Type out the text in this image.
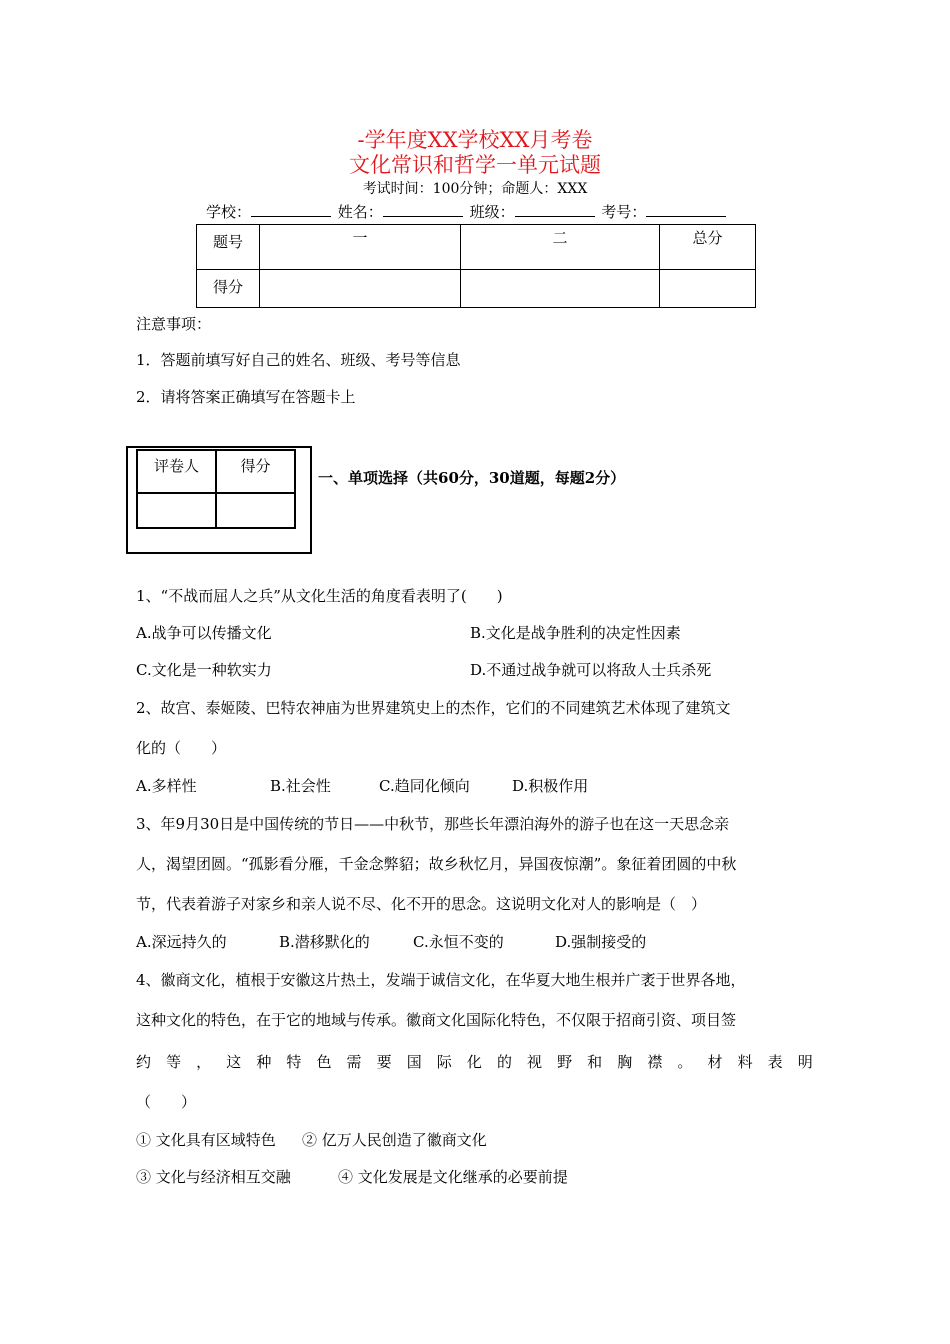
-学年度XX学校XX月考卷
文化常识和哲学一单元试题
考试时间：100分钟；命题人：XXX
学校：	姓名：	班级：	考号：
题号	一	二	总分
得分			
注意事项：
1．答题前填写好自己的姓名、班级、考号等信息
2．请将答案正确填写在答题卡上
评卷人	得分

一、单项选择（共60分，30道题，每题2分）
1、“不战而屈人之兵”从文化生活的角度看表明了(　　)
A.战争可以传播文化	B.文化是战争胜利的决定性因素
C.文化是一种软实力	D.不通过战争就可以将敌人士兵杀死
2、故宫、泰姬陵、巴特农神庙为世界建筑史上的杰作，它们的不同建筑艺术体现了建筑文
化的（　　）
A.多样性	B.社会性	C.趋同化倾向	D.积极作用
3、年9月30日是中国传统的节日——中秋节，那些长年漂泊海外的游子也在这一天思念亲
人，渴望团圆。“孤影看分雁，千金念弊貂；故乡秋忆月，异国夜惊潮”。象征着团圆的中秋
节，代表着游子对家乡和亲人说不尽、化不开的思念。这说明文化对人的影响是（　）
A.深远持久的	B.潜移默化的	C.永恒不变的	D.强制接受的
4、徽商文化，植根于安徽这片热土，发端于诚信文化，在华夏大地生根并广袤于世界各地，
这种文化的特色，在于它的地域与传承。徽商文化国际化特色，不仅限于招商引资、项目签
约 等 ， 这 种 特 色 需 要 国 际 化 的 视 野 和 胸 襟 。 材 料 表 明
（　　）
① 文化具有区域特色 ② 亿万人民创造了徽商文化
③ 文化与经济相互交融	④ 文化发展是文化继承的必要前提
